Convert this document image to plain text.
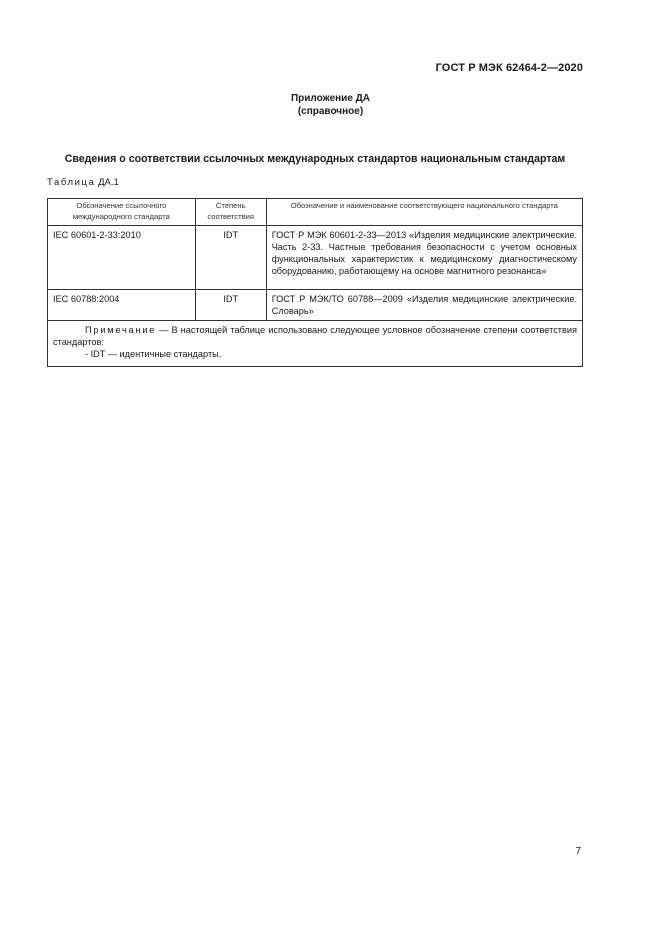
ГОСТ Р МЭК 62464-2—2020
Приложение ДА
(справочное)
Сведения о соответствии ссылочных международных стандартов национальным стандартам
Таблица ДА.1
Обозначение ссылочного международного стандарта	Степень соответствия	Обозначение и наименование соответствующего национального стандарта
IEC 60601-2-33:2010	IDT	ГОСТ Р МЭК 60601-2-33—2013 «Изделия медицинские электрические. Часть 2-33. Частные требования безопасности с учетом основных функциональных характеристик к медицинскому диагностическому оборудованию, работающему на основе магнитного резонанса»
IEC 60788:2004	IDT	ГОСТ Р МЭК/ТО 60788—2009 «Изделия медицинские электрические. Словарь»
Примечание — В настоящей таблице использовано следующее условное обозначение степени соответствия стандартов:
- IDT — идентичные стандарты.		
7
